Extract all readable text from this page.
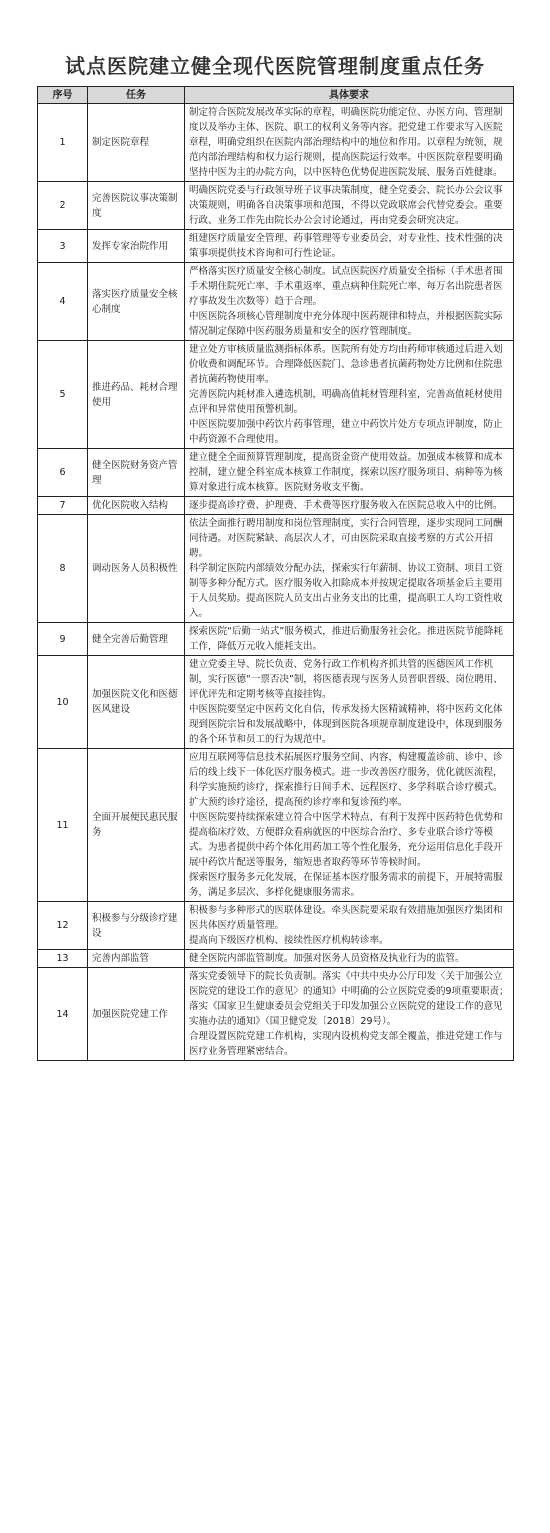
试点医院建立健全现代医院管理制度重点任务
序号	任务	具体要求
1	制定医院章程	制定符合医院发展改革实际的章程，明确医院功能定位、办医方向、管理制度以及举办主体、医院、职工的权利义务等内容。把党建工作要求写入医院章程，明确党组织在医院内部治理结构中的地位和作用。以章程为统领，规范内部治理结构和权力运行规则，提高医院运行效率。中医医院章程要明确坚持中医为主的办院方向，以中医特色优势促进医院发展、服务百姓健康。

2	完善医院议事决策制度	明确医院党委与行政领导班子议事决策制度，健全党委会、院长办公会议事决策规则，明确各自决策事项和范围，不得以党政联席会代替党委会。重要行政、业务工作先由院长办公会讨论通过，再由党委会研究决定。

3	发挥专家治院作用	组建医疗质量安全管理、药事管理等专业委员会，对专业性、技术性强的决策事项提供技术咨询和可行性论证。

4	落实医疗质量安全核心制度	严格落实医疗质量安全核心制度。试点医院医疗质量安全指标（手术患者围手术期住院死亡率、手术重返率、重点病种住院死亡率、每万名出院患者医疗事故发生次数等）趋于合理。

中医医院各项核心管理制度中充分体现中医药规律和特点，并根据医院实际情况制定保障中医药服务质量和安全的医疗管理制度。

5	推进药品、耗材合理使用	建立处方审核质量监测指标体系。医院所有处方均由药师审核通过后进入划价收费和调配环节。合理降低医院门、急诊患者抗菌药物处方比例和住院患者抗菌药物使用率。

完善医院内耗材准入遴选机制，明确高值耗材管理科室，完善高值耗材使用点评和异常使用预警机制。

中医医院要加强中药饮片药事管理，建立中药饮片处方专项点评制度，防止中药资源不合理使用。

6	健全医院财务资产管理	建立健全全面预算管理制度，提高资金资产使用效益。加强成本核算和成本控制，建立健全科室成本核算工作制度，探索以医疗服务项目、病种等为核算对象进行成本核算。医院财务收支平衡。

7	优化医院收入结构	逐步提高诊疗费、护理费、手术费等医疗服务收入在医院总收入中的比例。

8	调动医务人员积极性	依法全面推行聘用制度和岗位管理制度，实行合同管理，逐步实现同工同酬同待遇。对医院紧缺、高层次人才，可由医院采取直接考察的方式公开招聘。

科学制定医院内部绩效分配办法，探索实行年薪制、协议工资制、项目工资制等多种分配方式。医疗服务收入扣除成本并按规定提取各项基金后主要用于人员奖励。提高医院人员支出占业务支出的比重，提高职工人均工资性收入。

9	健全完善后勤管理	探索医院“后勤一站式”服务模式，推进后勤服务社会化。推进医院节能降耗工作，降低万元收入能耗支出。

10	加强医院文化和医德医风建设	建立党委主导、院长负责、党务行政工作机构齐抓共管的医德医风工作机制，实行医德“一票否决”制，将医德表现与医务人员晋职晋级、岗位聘用、评优评先和定期考核等直接挂钩。

中医医院要坚定中医药文化自信，传承发扬大医精诚精神，将中医药文化体现到医院宗旨和发展战略中，体现到医院各项规章制度建设中，体现到服务的各个环节和员工的行为规范中。

11	全面开展便民惠民服务	应用互联网等信息技术拓展医疗服务空间、内容，构建覆盖诊前、诊中、诊后的线上线下一体化医疗服务模式。进一步改善医疗服务，优化就医流程，科学实施预约诊疗，探索推行日间手术、远程医疗、多学科联合诊疗模式。扩大预约诊疗途径，提高预约诊疗率和复诊预约率。

中医医院要持续探索建立符合中医学术特点、有利于发挥中医药特色优势和提高临床疗效、方便群众看病就医的中医综合治疗、多专业联合诊疗等模式。为患者提供中药个体化用药加工等个性化服务，充分运用信息化手段开展中药饮片配送等服务，缩短患者取药等环节等候时间。

探索医疗服务多元化发展，在保证基本医疗服务需求的前提下，开展特需服务，满足多层次、多样化健康服务需求。

12	积极参与分级诊疗建设	积极参与多种形式的医联体建设。牵头医院要采取有效措施加强医疗集团和医共体医疗质量管理。

提高向下级医疗机构、接续性医疗机构转诊率。

13	完善内部监管	健全医院内部监管制度。加强对医务人员资格及执业行为的监管。

14	加强医院党建工作	落实党委领导下的院长负责制。落实《中共中央办公厅印发〈关于加强公立医院党的建设工作的意见〉的通知》中明确的公立医院党委的9项重要职责；落实《国家卫生健康委员会党组关于印发加强公立医院党的建设工作的意见实施办法的通知》（国卫健党发〔2018〕29号）。

合理设置医院党建工作机构，实现内设机构党支部全覆盖，推进党建工作与医疗业务管理紧密结合。
